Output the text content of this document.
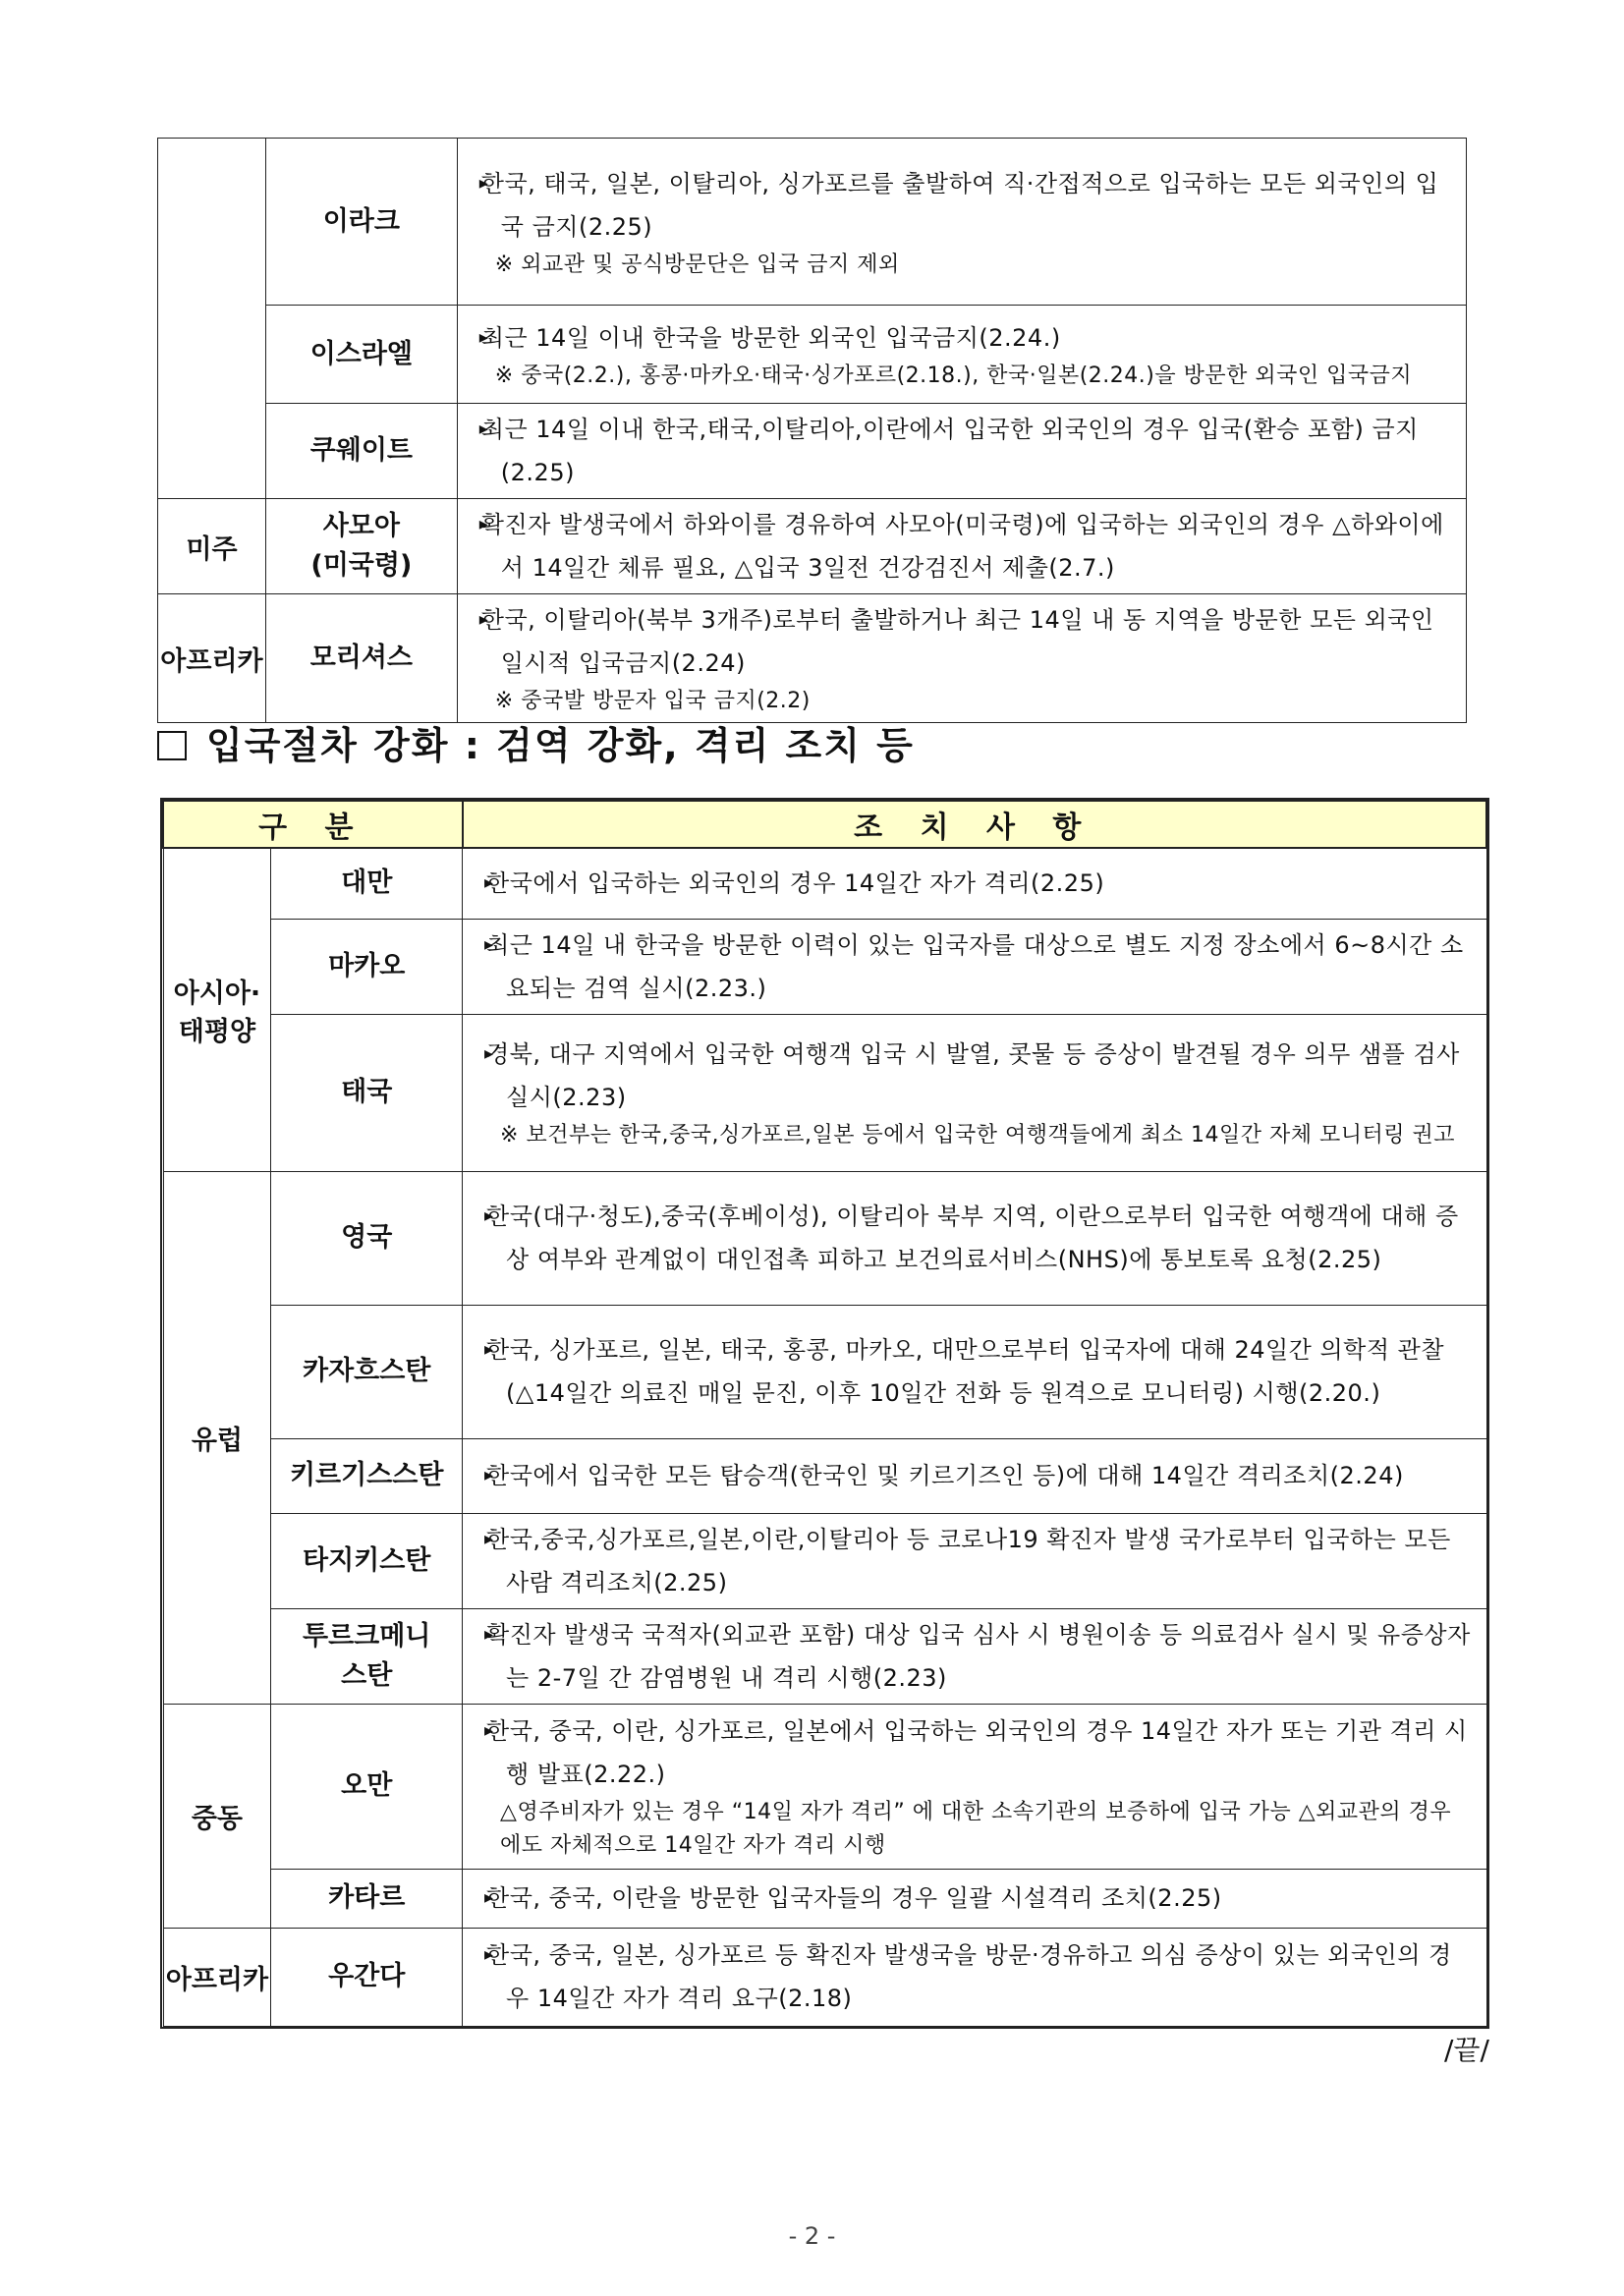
	이라크	▸ 한국, 태국, 일본, 이탈리아, 싱가포르를 출발하여 직·간접적으로 입국하는 모든 외국인의 입국 금지(2.25)
※ 외교관 및 공식방문단은 입국 금지 제외

	이스라엘	▸ 최근 14일 이내 한국을 방문한 외국인 입국금지(2.24.)
※ 중국(2.2.), 홍콩·마카오·태국·싱가포르(2.18.), 한국·일본(2.24.)을 방문한 외국인 입국금지

	쿠웨이트	▸ 최근 14일 이내 한국,태국,이탈리아,이란에서 입국한 외국인의 경우 입국(환승 포함) 금지(2.25)

미주	사모아
(미국령)	▸ 확진자 발생국에서 하와이를 경유하여 사모아(미국령)에 입국하는 외국인의 경우 △하와이에서 14일간 체류 필요, △입국 3일전 건강검진서 제출(2.7.)

아프리카	모리셔스	▸ 한국, 이탈리아(북부 3개주)로부터 출발하거나 최근 14일 내 동 지역을 방문한 모든 외국인 일시적 입국금지(2.24)
※ 중국발 방문자 입국 금지(2.2)
입국절차 강화 : 검역 강화, 격리 조치 등
구 분		조 치 사 항
아시아·
태평양	대만	▸ 한국에서 입국하는 외국인의 경우 14일간 자가 격리(2.25)

	마카오	▸ 최근 14일 내 한국을 방문한 이력이 있는 입국자를 대상으로 별도 지정 장소에서 6~8시간 소요되는 검역 실시(2.23.)

	태국	▸ 경북, 대구 지역에서 입국한 여행객 입국 시 발열, 콧물 등 증상이 발견될 경우 의무 샘플 검사 실시(2.23)
※ 보건부는 한국,중국,싱가포르,일본 등에서 입국한 여행객들에게 최소 14일간 자체 모니터링 권고

유럽	영국	▸ 한국(대구·청도),중국(후베이성), 이탈리아 북부 지역, 이란으로부터 입국한 여행객에 대해 증상 여부와 관계없이 대인접촉 피하고 보건의료서비스(NHS)에 통보토록 요청(2.25)

	카자흐스탄	▸ 한국, 싱가포르, 일본, 태국, 홍콩, 마카오, 대만으로부터 입국자에 대해 24일간 의학적 관찰(△14일간 의료진 매일 문진, 이후 10일간 전화 등 원격으로 모니터링) 시행(2.20.)

	키르기스스탄	▸ 한국에서 입국한 모든 탑승객(한국인 및 키르기즈인 등)에 대해 14일간 격리조치(2.24)

	타지키스탄	▸ 한국,중국,싱가포르,일본,이란,이탈리아 등 코로나19 확진자 발생 국가로부터 입국하는 모든 사람 격리조치(2.25)

	투르크메니
스탄	▸ 확진자 발생국 국적자(외교관 포함) 대상 입국 심사 시 병원이송 등 의료검사 실시 및 유증상자는 2-7일 간 감염병원 내 격리 시행(2.23)

중동	오만	▸ 한국, 중국, 이란, 싱가포르, 일본에서 입국하는 외국인의 경우 14일간 자가 또는 기관 격리 시행 발표(2.22.)
△영주비자가 있는 경우 “14일 자가 격리” 에 대한 소속기관의 보증하에 입국 가능 △외교관의 경우에도 자체적으로 14일간 자가 격리 시행

	카타르	▸ 한국, 중국, 이란을 방문한 입국자들의 경우 일괄 시설격리 조치(2.25)

아프리카	우간다	▸ 한국, 중국, 일본, 싱가포르 등 확진자 발생국을 방문·경유하고 의심 증상이 있는 외국인의 경우 14일간 자가 격리 요구(2.18)
/끝/
- 2 -
